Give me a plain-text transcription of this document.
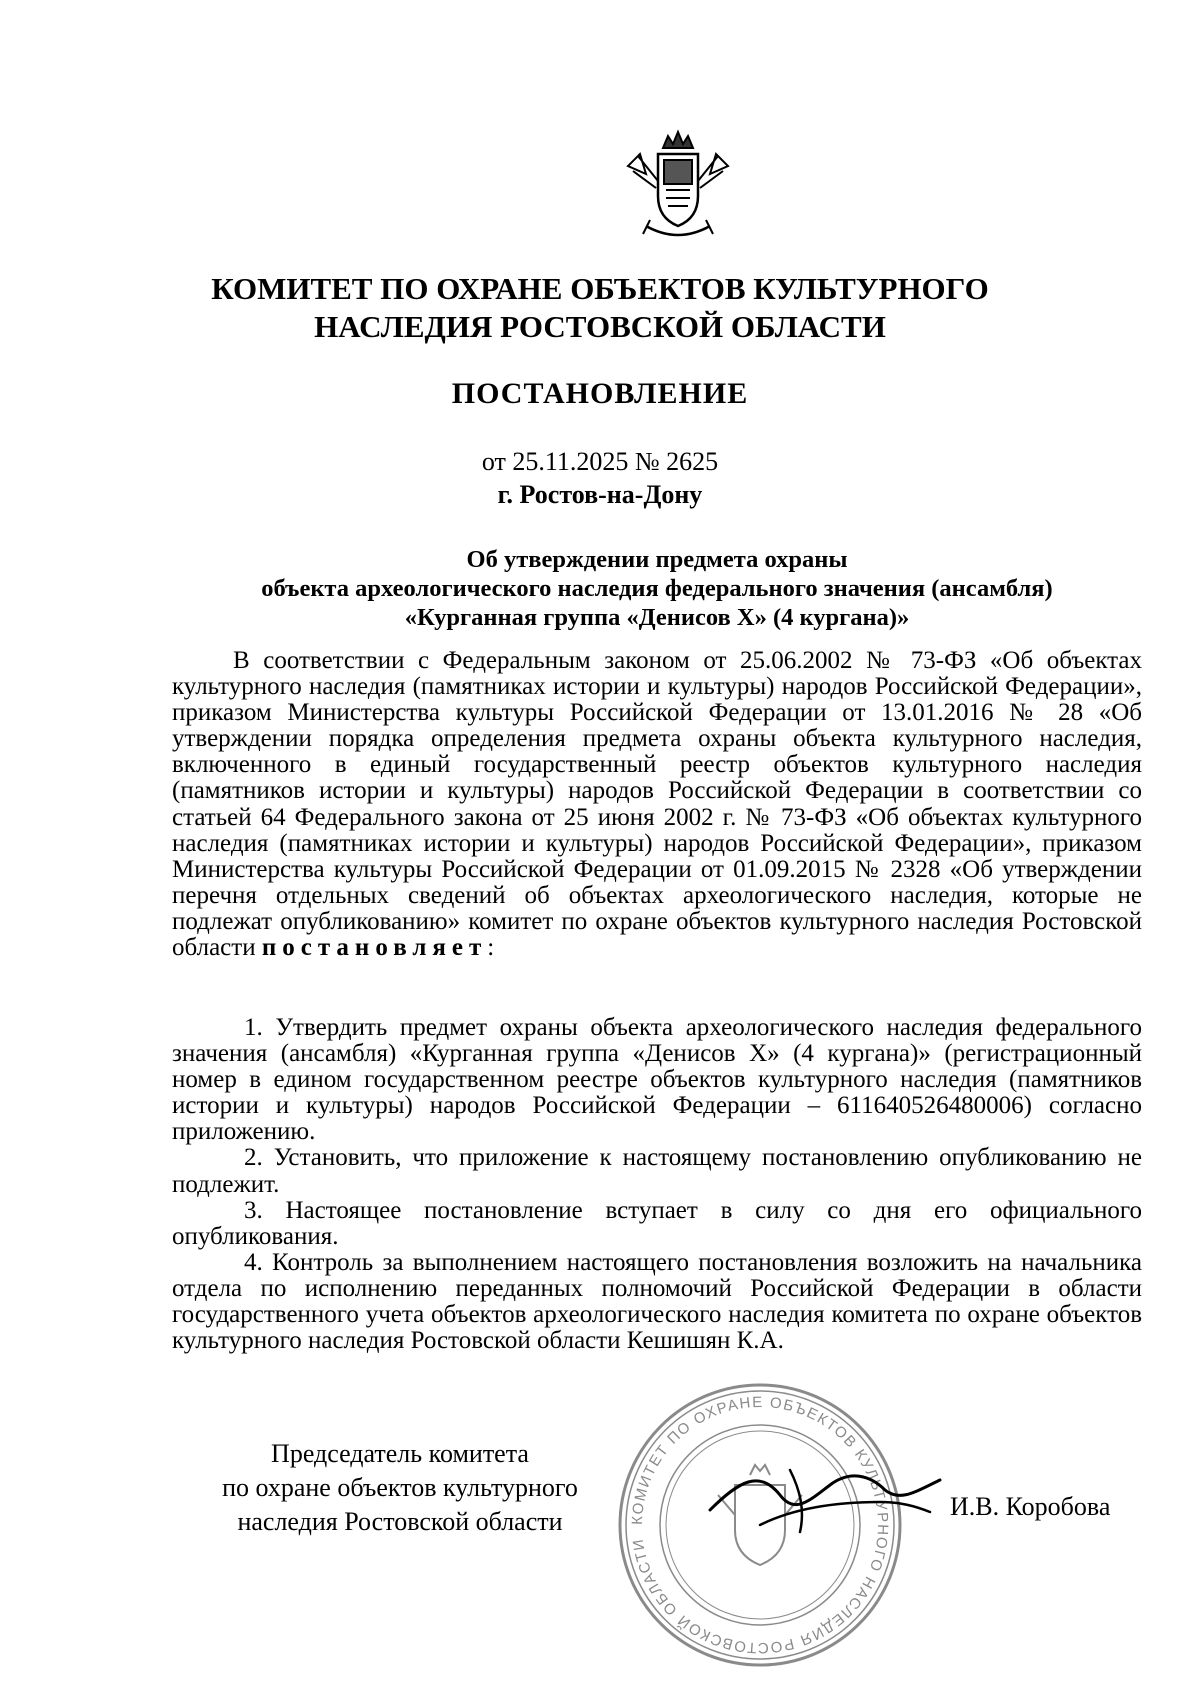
КОМИТЕТ ПО ОХРАНЕ ОБЪЕКТОВ КУЛЬТУРНОГО
НАСЛЕДИЯ РОСТОВСКОЙ ОБЛАСТИ
ПОСТАНОВЛЕНИЕ
от 25.11.2025 № 2625
г. Ростов-на-Дону
Об утверждении предмета охраны
объекта археологического наследия федерального значения (ансамбля)
«Курганная группа «Денисов Х» (4 кургана)»
В соответствии с Федеральным законом от 25.06.2002 № 73-ФЗ «Об объектах культурного наследия (памятниках истории и культуры) народов Российской Федерации», приказом Министерства культуры Российской Федерации от 13.01.2016 № 28 «Об утверждении порядка определения предмета охраны объекта культурного наследия, включенного в единый государственный реестр объектов культурного наследия (памятников истории и культуры) народов Российской Федерации в соответствии со статьей 64 Федерального закона от 25 июня 2002 г. № 73-ФЗ «Об объектах культурного наследия (памятниках истории и культуры) народов Российской Федерации», приказом Министерства культуры Российской Федерации от 01.09.2015 № 2328 «Об утверждении перечня отдельных сведений об объектах археологического наследия, которые не подлежат опубликованию» комитет по охране объектов культурного наследия Ростовской области постановляет:

1. Утвердить предмет охраны объекта археологического наследия федерального значения (ансамбля) «Курганная группа «Денисов Х» (4 кургана)» (регистрационный номер в едином государственном реестре объектов культурного наследия (памятников истории и культуры) народов Российской Федерации – 611640526480006) согласно приложению.

2. Установить, что приложение к настоящему постановлению опубликованию не подлежит.

3. Настоящее постановление вступает в силу со дня его официального опубликования.

4. Контроль за выполнением настоящего постановления возложить на начальника отдела по исполнению переданных полномочий Российской Федерации в области государственного учета объектов археологического наследия комитета по охране объектов культурного наследия Ростовской области Кешишян К.А.

КОМИТЕТ ПО ОХРАНЕ ОБЪЕКТОВ КУЛЬТУРНОГО НАСЛЕДИЯ РОСТОВСКОЙ ОБЛАСТИ
Председатель комитета
по охране объектов культурного
наследия Ростовской области
И.В. Коробова
